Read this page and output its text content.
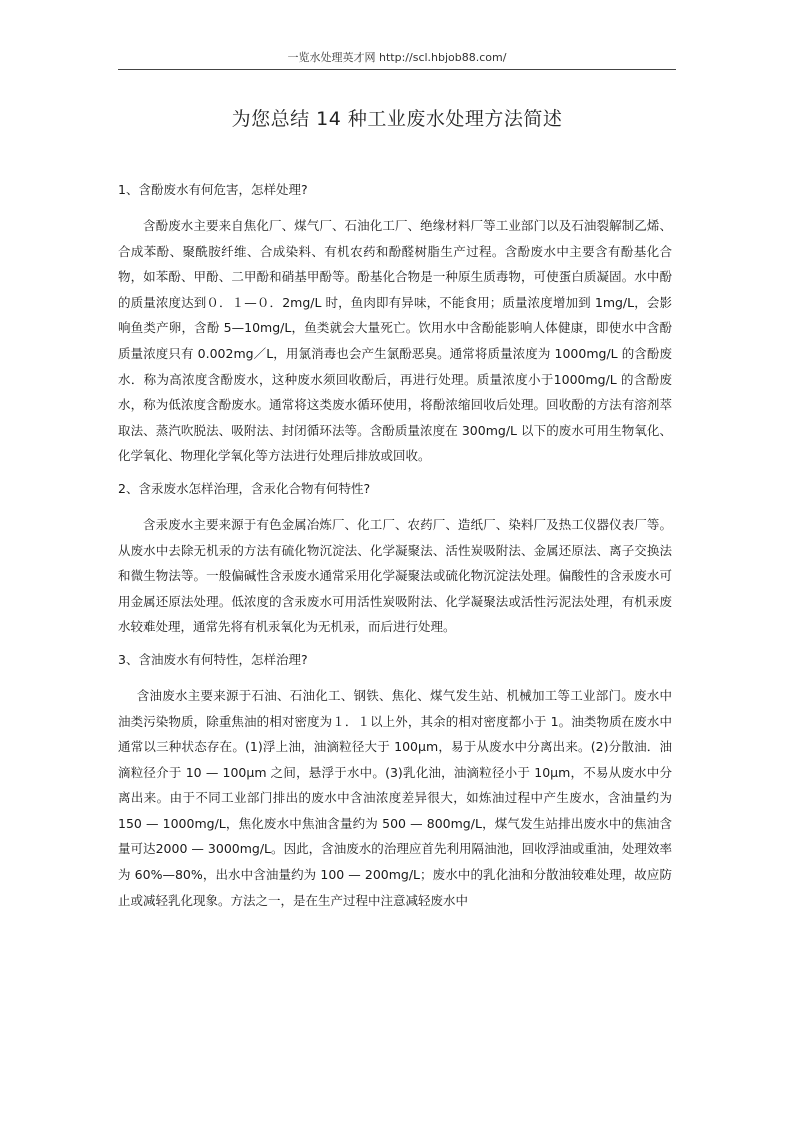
一览水处理英才网 http://scl.hbjob88.com/
为您总结 14 种工业废水处理方法简述
1、含酚废水有何危害，怎样处理?
含酚废水主要来自焦化厂、煤气厂、石油化工厂、绝缘材料厂等工业部门以及石油裂解制乙烯、合成苯酚、聚酰胺纤维、合成染料、有机农药和酚醛树脂生产过程。含酚废水中主要含有酚基化合物，如苯酚、甲酚、二甲酚和硝基甲酚等。酚基化合物是一种原生质毒物，可使蛋白质凝固。水中酚的质量浓度达到０．１—０．2mg/L 时，鱼肉即有异味，不能食用；质量浓度增加到 1mg/L，会影响鱼类产卵，含酚 5—10mg/L，鱼类就会大量死亡。饮用水中含酚能影响人体健康，即使水中含酚质量浓度只有 0.002mg／L，用氯消毒也会产生氯酚恶臭。通常将质量浓度为 1000mg/L 的含酚废水．称为高浓度含酚废水，这种废水须回收酚后，再进行处理。质量浓度小于1000mg/L 的含酚废水，称为低浓度含酚废水。通常将这类废水循环使用，将酚浓缩回收后处理。回收酚的方法有溶剂萃取法、蒸汽吹脱法、吸附法、封闭循环法等。含酚质量浓度在 300mg/L 以下的废水可用生物氧化、化学氧化、物理化学氧化等方法进行处理后排放或回收。
2、含汞废水怎样治理，含汞化合物有何特性?
含汞废水主要来源于有色金属冶炼厂、化工厂、农药厂、造纸厂、染料厂及热工仪器仪表厂等。从废水中去除无机汞的方法有硫化物沉淀法、化学凝聚法、活性炭吸附法、金属还原法、离子交换法和微生物法等。一般偏碱性含汞废水通常采用化学凝聚法或硫化物沉淀法处理。偏酸性的含汞废水可用金属还原法处理。低浓度的含汞废水可用活性炭吸附法、化学凝聚法或活性污泥法处理，有机汞废水较难处理，通常先将有机汞氧化为无机汞，而后进行处理。
3、含油废水有何特性，怎样治理?
含油废水主要来源于石油、石油化工、钢铁、焦化、煤气发生站、机械加工等工业部门。废水中油类污染物质，除重焦油的相对密度为１．１以上外，其余的相对密度都小于 1。油类物质在废水中通常以三种状态存在。(1)浮上油，油滴粒径大于 100μm，易于从废水中分离出来。(2)分散油．油滴粒径介于 10 — 100μm 之间，悬浮于水中。(3)乳化油，油滴粒径小于 10μm，不易从废水中分离出来。由于不同工业部门排出的废水中含油浓度差异很大，如炼油过程中产生废水，含油量约为 150 — 1000mg/L，焦化废水中焦油含量约为 500 — 800mg/L，煤气发生站排出废水中的焦油含量可达2000 — 3000mg/L。因此，含油废水的治理应首先利用隔油池，回收浮油或重油，处理效率为 60%—80%，出水中含油量约为 100 — 200mg/L；废水中的乳化油和分散油较难处理，故应防止或减轻乳化现象。方法之一，是在生产过程中注意减轻废水中
